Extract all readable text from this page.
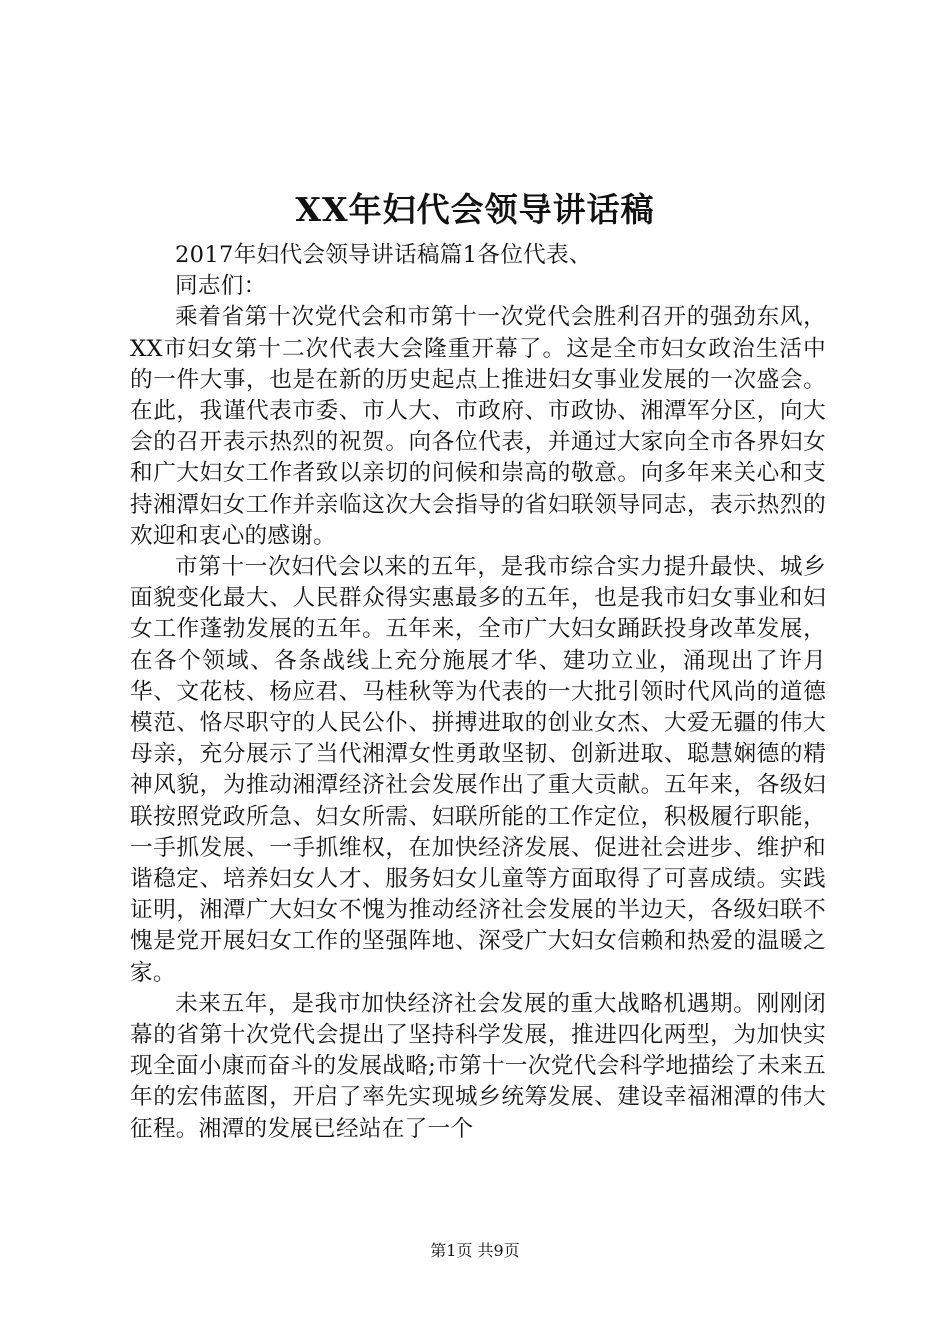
XX年妇代会领导讲话稿

2017年妇代会领导讲话稿篇1各位代表、

同志们：

乘着省第十次党代会和市第十一次党代会胜利召开的强劲东风，XX市妇女第十二次代表大会隆重开幕了。这是全市妇女政治生活中的一件大事，也是在新的历史起点上推进妇女事业发展的一次盛会。在此，我谨代表市委、市人大、市政府、市政协、湘潭军分区，向大会的召开表示热烈的祝贺。向各位代表，并通过大家向全市各界妇女和广大妇女工作者致以亲切的问候和崇高的敬意。向多年来关心和支持湘潭妇女工作并亲临这次大会指导的省妇联领导同志，表示热烈的欢迎和衷心的感谢。

市第十一次妇代会以来的五年，是我市综合实力提升最快、城乡面貌变化最大、人民群众得实惠最多的五年，也是我市妇女事业和妇女工作蓬勃发展的五年。五年来，全市广大妇女踊跃投身改革发展，在各个领域、各条战线上充分施展才华、建功立业，涌现出了许月华、文花枝、杨应君、马桂秋等为代表的一大批引领时代风尚的道德模范、恪尽职守的人民公仆、拼搏进取的创业女杰、大爱无疆的伟大母亲，充分展示了当代湘潭女性勇敢坚韧、创新进取、聪慧娴德的精神风貌，为推动湘潭经济社会发展作出了重大贡献。五年来，各级妇联按照党政所急、妇女所需、妇联所能的工作定位，积极履行职能，一手抓发展、一手抓维权，在加快经济发展、促进社会进步、维护和谐稳定、培养妇女人才、服务妇女儿童等方面取得了可喜成绩。实践证明，湘潭广大妇女不愧为推动经济社会发展的半边天，各级妇联不愧是党开展妇女工作的坚强阵地、深受广大妇女信赖和热爱的温暖之家。

未来五年，是我市加快经济社会发展的重大战略机遇期。刚刚闭幕的省第十次党代会提出了坚持科学发展，推进四化两型，为加快实现全面小康而奋斗的发展战略;市第十一次党代会科学地描绘了未来五年的宏伟蓝图，开启了率先实现城乡统筹发展、建设幸福湘潭的伟大征程。湘潭的发展已经站在了一个

第1页 共9页
